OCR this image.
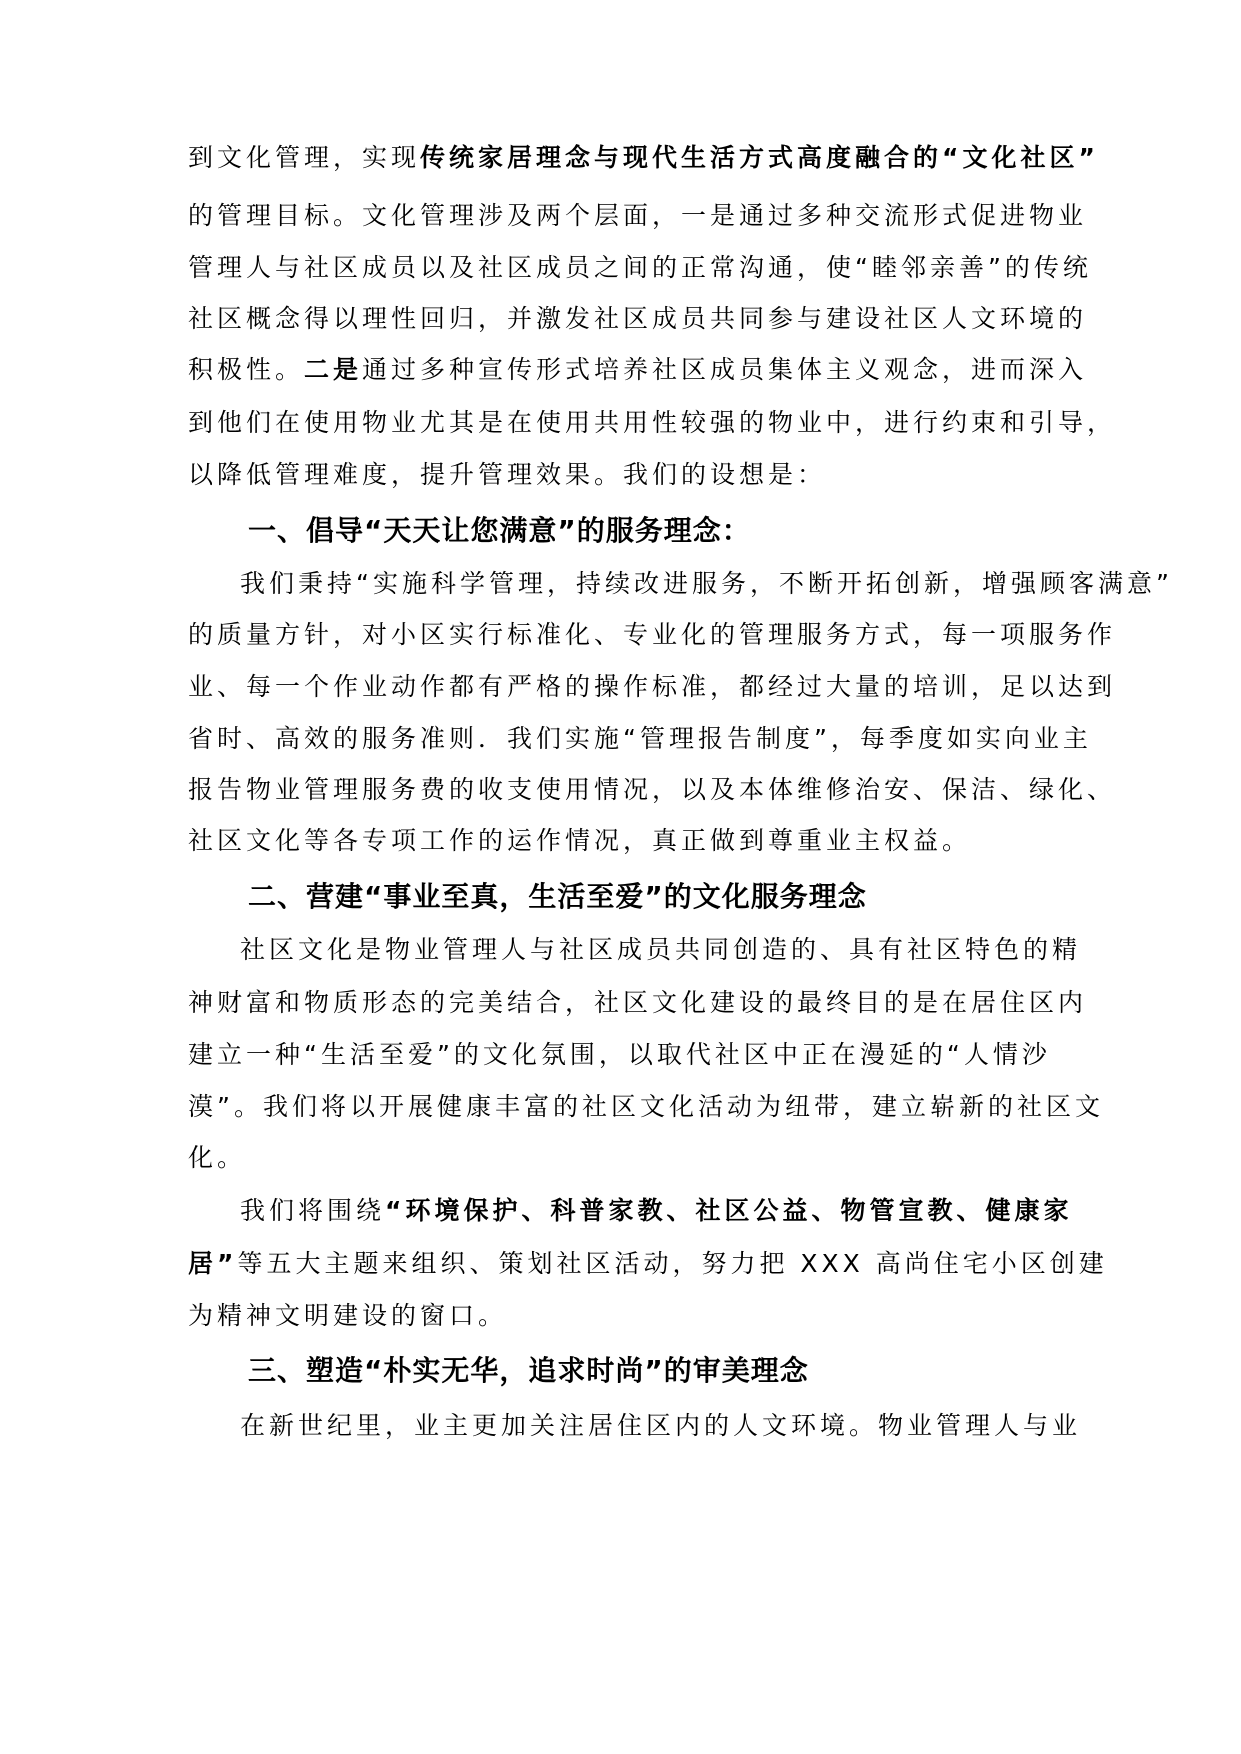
到文化管理，实现传统家居理念与现代生活方式高度融合的“文化社区”
的管理目标。文化管理涉及两个层面，一是通过多种交流形式促进物业
管理人与社区成员以及社区成员之间的正常沟通，使“睦邻亲善”的传统
社区概念得以理性回归，并激发社区成员共同参与建设社区人文环境的
积极性。二是通过多种宣传形式培养社区成员集体主义观念，进而深入
到他们在使用物业尤其是在使用共用性较强的物业中，进行约束和引导，
以降低管理难度，提升管理效果。我们的设想是：
一、倡导“天天让您满意”的服务理念：
我们秉持“实施科学管理，持续改进服务，不断开拓创新，增强顾客满意”
的质量方针，对小区实行标准化、专业化的管理服务方式，每一项服务作
业、每一个作业动作都有严格的操作标准，都经过大量的培训，足以达到
省时、高效的服务准则．我们实施“管理报告制度”，每季度如实向业主
报告物业管理服务费的收支使用情况，以及本体维修治安、保洁、绿化、
社区文化等各专项工作的运作情况，真正做到尊重业主权益。
二、营建“事业至真，生活至爱”的文化服务理念
社区文化是物业管理人与社区成员共同创造的、具有社区特色的精
神财富和物质形态的完美结合，社区文化建设的最终目的是在居住区内
建立一种“生活至爱”的文化氛围，以取代社区中正在漫延的“人情沙
漠”。我们将以开展健康丰富的社区文化活动为纽带，建立崭新的社区文
化。
我们将围绕“环境保护、科普家教、社区公益、物管宣教、健康家
居”等五大主题来组织、策划社区活动，努力把 XXX 高尚住宅小区创建
为精神文明建设的窗口。
三、塑造“朴实无华，追求时尚”的审美理念
在新世纪里，业主更加关注居住区内的人文环境。物业管理人与业
